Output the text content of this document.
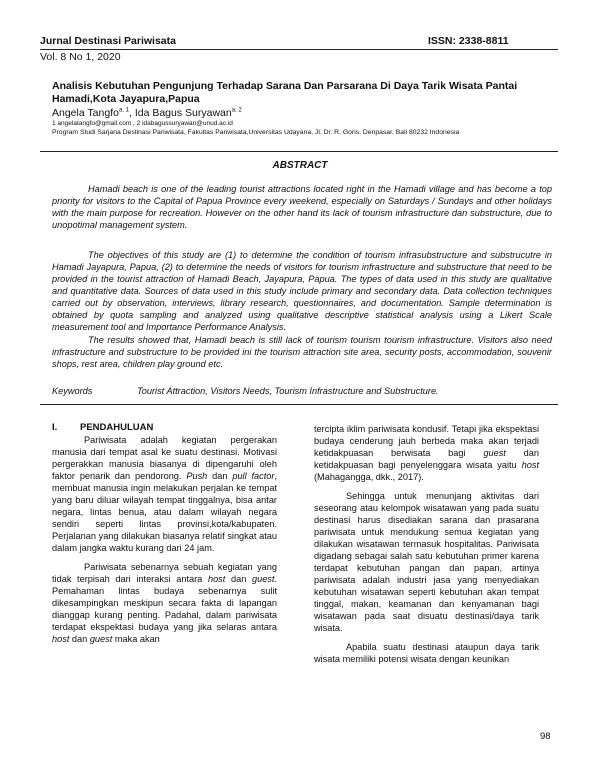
Jurnal Destinasi Pariwisata	ISSN: 2338-8811
Vol. 8 No 1, 2020
Analisis Kebutuhan Pengunjung Terhadap Sarana Dan Parsarana Di Daya Tarik Wisata Pantai Hamadi,Kota Jayapura,Papua
Angela Tangfo$^{a, 1}$, Ida Bagus Suryawan$^{a, 2}$
1 angelatangfo@gmail.com , 2 idabagussuryawan@unud.ac.id
Program Studi Sarjana Destinasi Pariwisata, Fakultas Pariwisata,Universitas Udayana, Jl. Dr. R. Goris, Denpasar, Bali 80232 Indonesia
ABSTRACT

Hamadi beach is one of the leading tourist attractions located right in the Hamadi village and has become a top priority for visitors to the Capital of Papua Province every weekend, especially on Saturdays / Sundays and other holidays with the main purpose for recreation. However on the other hand its lack of tourism infrastructure dan substructure, due to unopotimal management system.

The objectives of this study are (1) to determine the condition of tourism infrasubstructure and substrucutre in Hamadi Jayapura, Papua, (2) to determine the needs of visitors for tourism infrastructure and substructure that need to be provided in the tourist attraction of Hamadi Beach, Jayapura, Papua. The types of data used in this study are qualitative and quantitative data. Sources of data used in this study include primary and secondary data. Data collection techniques carried out by observation, interviews, library research, questionnaires, and documentation. Sample determination is obtained by quota sampling and analyzed using qualitative descriptive statistical analysis using a Likert Scale measurement tool and Importance Performance Analysis.

The results showed that, Hamadi beach is still lack of tourism tourism tourism infrastructure. Visitors also need infrastructure and substructure to be provided ini the tourism attraction site area, security posts, accommodation, souvenir shops, rest area, children play ground etc.

Keywords	Tourist Attraction, Visitors Needs, Tourism Infrastructure and Substructure.

I. PENDAHULUAN

Pariwisata adalah kegiatan pergerakan manusia dari tempat asal ke suatu destinasi. Motivasi pergerakkan manusia biasanya di dipengaruhi oleh faktor penarik dan pendorong. Push dan pull factor, membuat manusia ingin melakukan perjalan ke tempat yang baru diluar wilayah tempat tinggalnya, bisa antar negara, lintas benua, atau dalam wilayah negara sendiri seperti lintas provinsi,kota/kabupaten. Perjalanan yang dilakukan biasanya relatif singkat atau dalam jangka waktu kurang dari 24 jam.

Pariwisata sebenarnya sebuah kegiatan yang tidak terpisah dari interaksi antara host dan guest. Pemahaman lintas budaya sebenarnya sulit dikesampingkan meskipun secara fakta di lapangan dianggap kurang penting. Padahal, dalam pariwisata terdapat ekspektasi budaya yang jika selaras antara host dan guest maka akan

tercipta iklim pariwisata kondusif. Tetapi jika ekspektasi budaya cenderung jauh berbeda maka akan terjadi ketidakpuasan berwisata bagi guest dan ketidakpuasan bagi penyelenggara wisata yaitu host (Mahagangga, dkk., 2017).

Sehingga untuk menunjang aktivitas dari seseorang atau kelompok wisatawan yang pada suatu destinasi harus disediakan sarana dan prasarana pariwisata untuk mendukung semua kegiatan yang dilakukan wisatawan termasuk hospitalitas. Pariwisata digadang sebagai salah satu kebutuhan primer karena terdapat kebutuhan pangan dan papan, artinya pariwisata adalah industri jasa yang menyediakan kebutuhan wisatawan seperti kebutuhan akan tempat tinggal, makan, keamanan dan kenyamanan bagi wisatawan pada saat disuatu destinasi/daya tarik wisata.

Apabila suatu destinasi ataupun daya tarik wisata memiliki potensi wisata dengan keunikan

98
